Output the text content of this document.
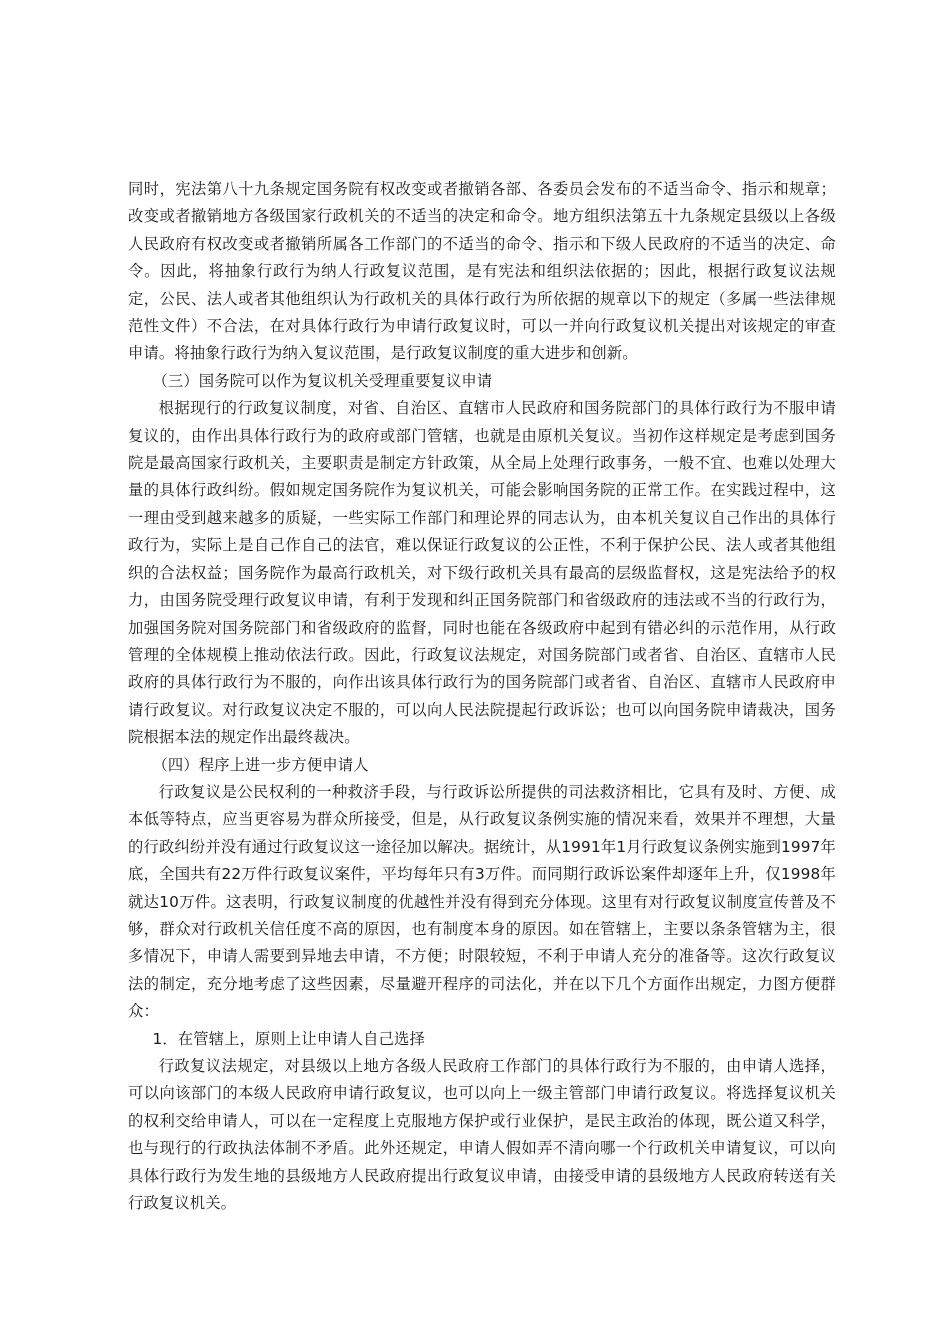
同时，宪法第八十九条规定国务院有权改变或者撤销各部、各委员会发布的不适当命令、指示和规章；改变或者撤销地方各级国家行政机关的不适当的决定和命令。地方组织法第五十九条规定县级以上各级人民政府有权改变或者撤销所属各工作部门的不适当的命令、指示和下级人民政府的不适当的决定、命令。因此，将抽象行政行为纳人行政复议范围，是有宪法和组织法依据的；因此，根据行政复议法规定，公民、法人或者其他组织认为行政机关的具体行政行为所依据的规章以下的规定（多属一些法律规范性文件）不合法，在对具体行政行为申请行政复议时，可以一并向行政复议机关提出对该规定的审查申请。将抽象行政行为纳入复议范围，是行政复议制度的重大进步和创新。

（三）国务院可以作为复议机关受理重要复议申请

根据现行的行政复议制度，对省、自治区、直辖市人民政府和国务院部门的具体行政行为不服申请复议的，由作出具体行政行为的政府或部门管辖，也就是由原机关复议。当初作这样规定是考虑到国务院是最高国家行政机关，主要职责是制定方针政策，从全局上处理行政事务，一般不宜、也难以处理大量的具体行政纠纷。假如规定国务院作为复议机关，可能会影响国务院的正常工作。在实践过程中，这一理由受到越来越多的质疑，一些实际工作部门和理论界的同志认为，由本机关复议自己作出的具体行政行为，实际上是自己作自己的法官，难以保证行政复议的公正性，不利于保护公民、法人或者其他组织的合法权益；国务院作为最高行政机关，对下级行政机关具有最高的层级监督权，这是宪法给予的权力，由国务院受理行政复议申请，有利于发现和纠正国务院部门和省级政府的违法或不当的行政行为，加强国务院对国务院部门和省级政府的监督，同时也能在各级政府中起到有错必纠的示范作用，从行政管理的全体规模上推动依法行政。因此，行政复议法规定，对国务院部门或者省、自治区、直辖市人民政府的具体行政行为不服的，向作出该具体行政行为的国务院部门或者省、自治区、直辖市人民政府申请行政复议。对行政复议决定不服的，可以向人民法院提起行政诉讼；也可以向国务院申请裁决，国务院根据本法的规定作出最终裁决。

（四）程序上进一步方便申请人

行政复议是公民权利的一种救济手段，与行政诉讼所提供的司法救济相比，它具有及时、方便、成本低等特点，应当更容易为群众所接受，但是，从行政复议条例实施的情况来看，效果并不理想，大量的行政纠纷并没有通过行政复议这一途径加以解决。据统计，从1991年1月行政复议条例实施到1997年底，全国共有22万件行政复议案件，平均每年只有3万件。而同期行政诉讼案件却逐年上升，仅1998年就达10万件。这表明，行政复议制度的优越性并没有得到充分体现。这里有对行政复议制度宣传普及不够，群众对行政机关信任度不高的原因，也有制度本身的原因。如在管辖上，主要以条条管辖为主，很多情况下，申请人需要到异地去申请，不方便；时限较短，不利于申请人充分的准备等。这次行政复议法的制定，充分地考虑了这些因素，尽量避开程序的司法化，并在以下几个方面作出规定，力图方便群众：

1．在管辖上，原则上让申请人自己选择

行政复议法规定，对县级以上地方各级人民政府工作部门的具体行政行为不服的，由申请人选择，可以向该部门的本级人民政府申请行政复议，也可以向上一级主管部门申请行政复议。将选择复议机关的权利交给申请人，可以在一定程度上克服地方保护或行业保护，是民主政治的体现，既公道又科学，也与现行的行政执法体制不矛盾。此外还规定，申请人假如弄不清向哪一个行政机关申请复议，可以向具体行政行为发生地的县级地方人民政府提出行政复议申请，由接受申请的县级地方人民政府转送有关行政复议机关。
